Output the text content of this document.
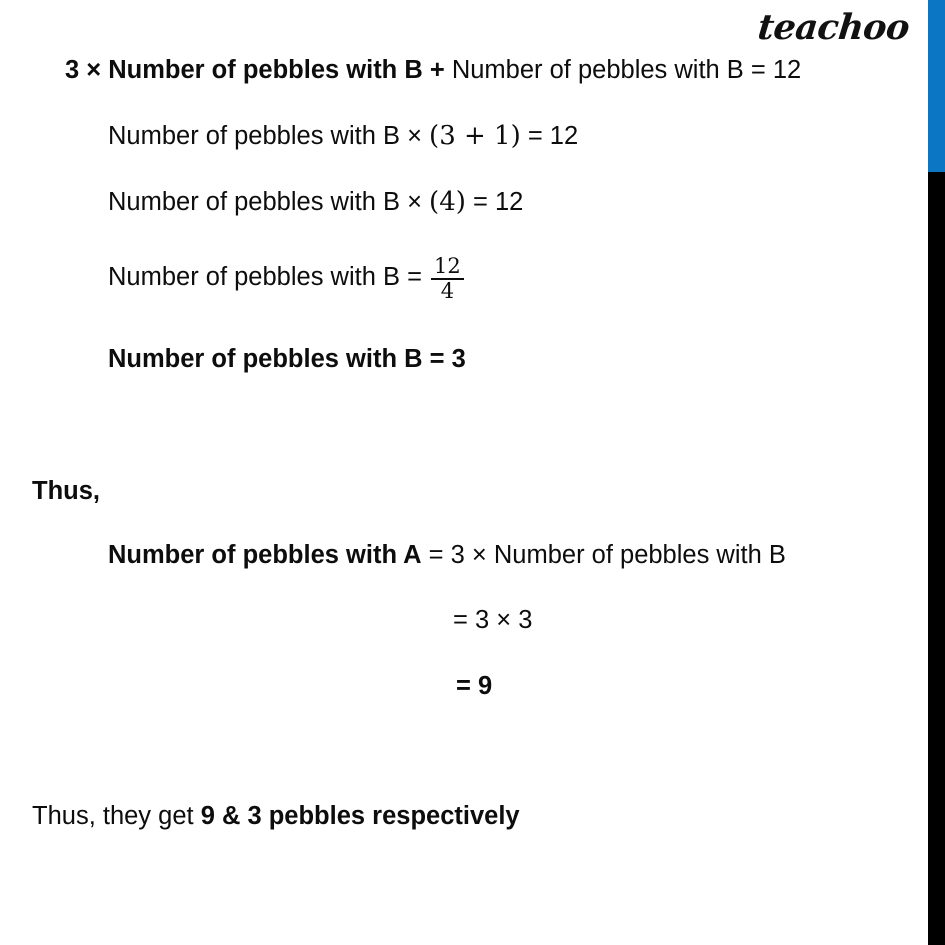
teachoo
3 × Number of pebbles with B + Number of pebbles with B = 12
Number of pebbles with B × (3 + 1) = 12
Number of pebbles with B × (4) = 12
Number of pebbles with $B = \frac{12}{4}$
Number of pebbles with B = 3
Thus,
Number of pebbles with A = 3 × Number of pebbles with B
= 3 × 3
= 9
Thus, they get 9 & 3 pebbles respectively
